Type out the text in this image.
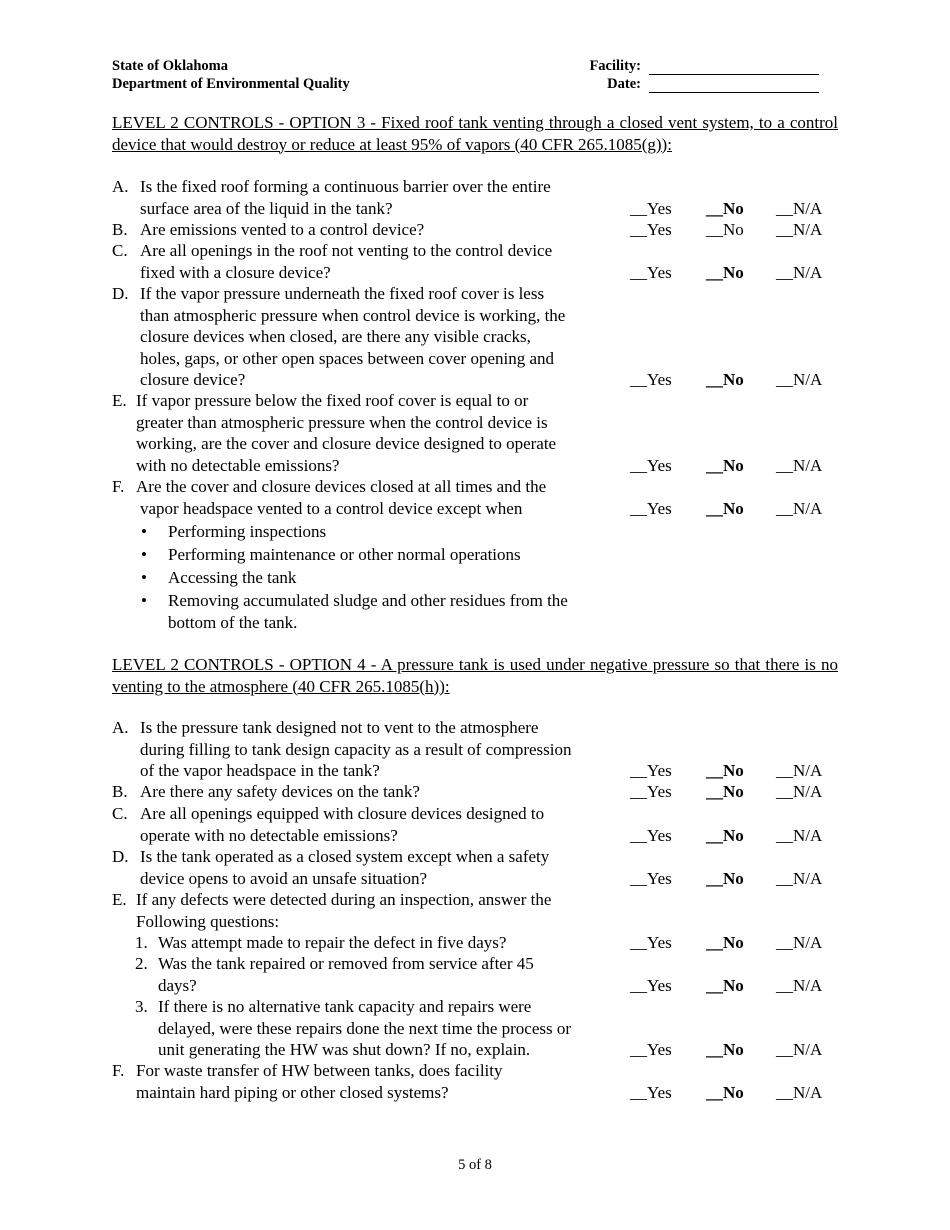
State of Oklahoma
Department of Environmental Quality
Facility:
Date:
LEVEL 2 CONTROLS - OPTION 3 - Fixed roof tank venting through a closed vent system, to a control device that would destroy or reduce at least 95% of vapors (40 CFR 265.1085(g)):
A. Is the fixed roof forming a continuous barrier over the entire
surface area of the liquid in the tank?	__Yes __No __N/A
B. Are emissions vented to a control device?	__Yes __No __N/A
C. Are all openings in the roof not venting to the control device
fixed with a closure device?	__Yes __No __N/A
D. If the vapor pressure underneath the fixed roof cover is less
than atmospheric pressure when control device is working, the
closure devices when closed, are there any visible cracks,
holes, gaps, or other open spaces between cover opening and
closure device?	__Yes __No __N/A
E. If vapor pressure below the fixed roof cover is equal to or
greater than atmospheric pressure when the control device is
working, are the cover and closure device designed to operate
with no detectable emissions?	__Yes __No __N/A
F. Are the cover and closure devices closed at all times and the
vapor headspace vented to a control device except when	__Yes __No __N/A
• Performing inspections
• Performing maintenance or other normal operations
• Accessing the tank
• Removing accumulated sludge and other residues from the
bottom of the tank.
LEVEL 2 CONTROLS - OPTION 4 - A pressure tank is used under negative pressure so that there is no venting to the atmosphere (40 CFR 265.1085(h)):
A. Is the pressure tank designed not to vent to the atmosphere
during filling to tank design capacity as a result of compression
of the vapor headspace in the tank?	__Yes __No __N/A
B. Are there any safety devices on the tank?	__Yes __No __N/A
C. Are all openings equipped with closure devices designed to
operate with no detectable emissions?	__Yes __No __N/A
D. Is the tank operated as a closed system except when a safety
device opens to avoid an unsafe situation?	__Yes __No __N/A
E. If any defects were detected during an inspection, answer the
Following questions:
1. Was attempt made to repair the defect in five days?	__Yes __No __N/A
2. Was the tank repaired or removed from service after 45
days?	__Yes __No __N/A
3. If there is no alternative tank capacity and repairs were
delayed, were these repairs done the next time the process or
unit generating the HW was shut down? If no, explain.	__Yes __No __N/A
F. For waste transfer of HW between tanks, does facility
maintain hard piping or other closed systems?	__Yes __No __N/A
5 of 8
